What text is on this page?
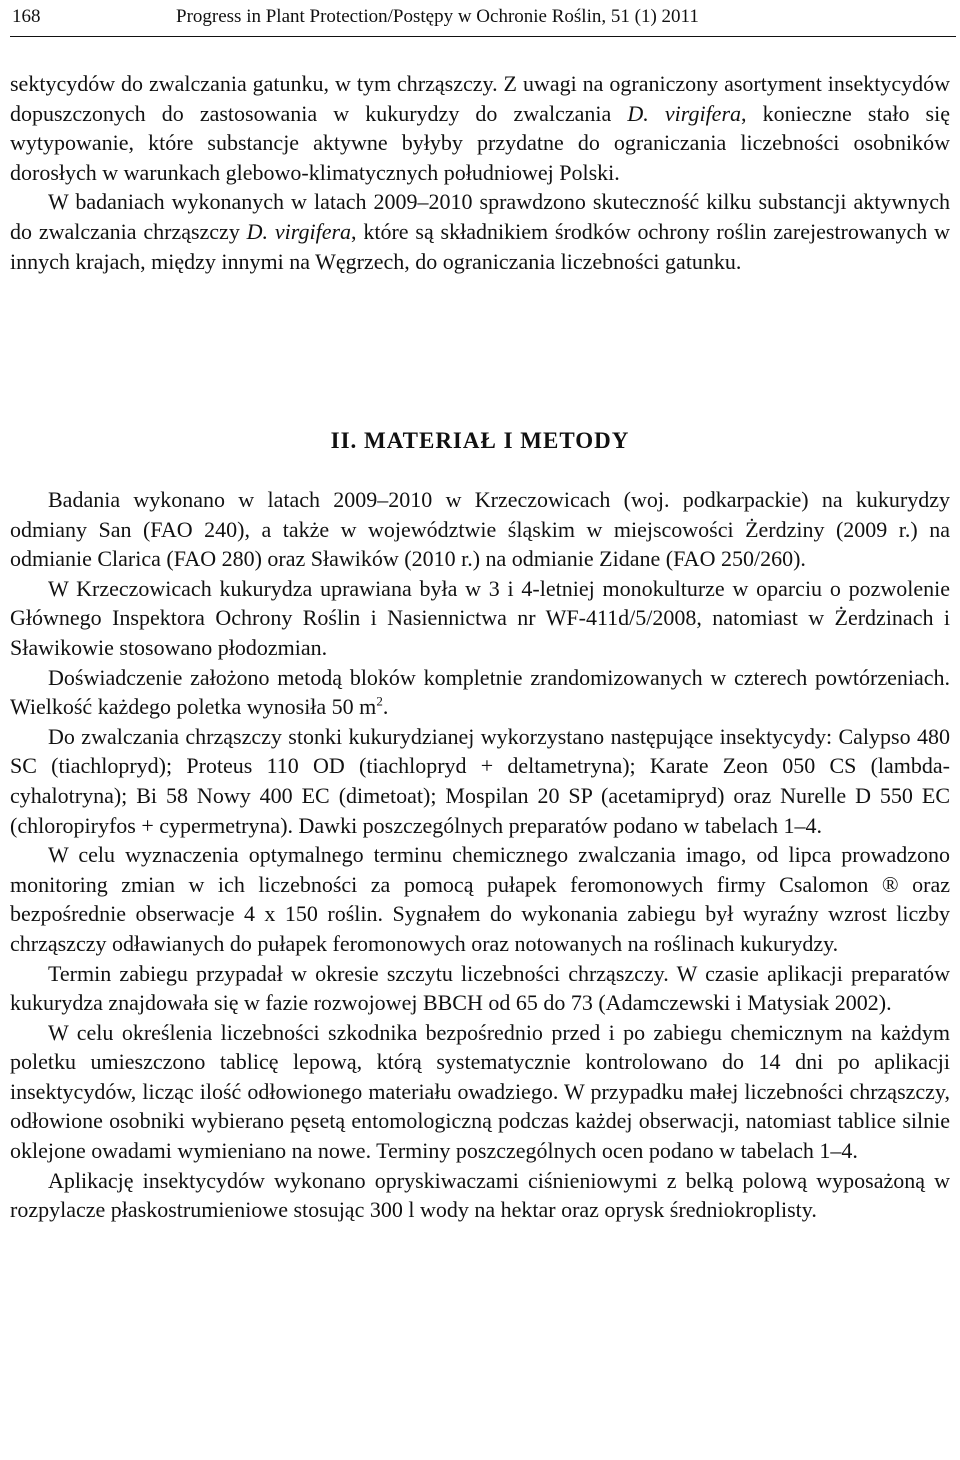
168	Progress in Plant Protection/Postępy w Ochronie Roślin, 51 (1) 2011

sektycydów do zwalczania gatunku, w tym chrząszczy. Z uwagi na ograniczony asortyment insektycydów dopuszczonych do zastosowania w kukurydzy do zwalczania D. virgifera, konieczne stało się wytypowanie, które substancje aktywne byłyby przydatne do ograniczania liczebności osobników dorosłych w warunkach glebowo-klimatycznych południowej Polski.

W badaniach wykonanych w latach 2009–2010 sprawdzono skuteczność kilku substancji aktywnych do zwalczania chrząszczy D. virgifera, które są składnikiem środków ochrony roślin zarejestrowanych w innych krajach, między innymi na Węgrzech, do ograniczania liczebności gatunku.

II. MATERIAŁ I METODY

Badania wykonano w latach 2009–2010 w Krzeczowicach (woj. podkarpackie) na kukurydzy odmiany San (FAO 240), a także w województwie śląskim w miejscowości Żerdziny (2009 r.) na odmianie Clarica (FAO 280) oraz Sławików (2010 r.) na odmianie Zidane (FAO 250/260).

W Krzeczowicach kukurydza uprawiana była w 3 i 4-letniej monokulturze w oparciu o pozwolenie Głównego Inspektora Ochrony Roślin i Nasiennictwa nr WF-411d/5/2008, natomiast w Żerdzinach i Sławikowie stosowano płodozmian.

Doświadczenie założono metodą bloków kompletnie zrandomizowanych w czterech powtórzeniach. Wielkość każdego poletka wynosiła 50 $m^2$.

Do zwalczania chrząszczy stonki kukurydzianej wykorzystano następujące insektycydy: Calypso 480 SC (tiachlopryd); Proteus 110 OD (tiachlopryd + deltametryna); Karate Zeon 050 CS (lambda-cyhalotryna); Bi 58 Nowy 400 EC (dimetoat); Mospilan 20 SP (acetamipryd) oraz Nurelle D 550 EC (chloropiryfos + cypermetryna). Dawki poszczególnych preparatów podano w tabelach 1–4.

W celu wyznaczenia optymalnego terminu chemicznego zwalczania imago, od lipca prowadzono monitoring zmian w ich liczebności za pomocą pułapek feromonowych firmy Csalomon ® oraz bezpośrednie obserwacje 4 x 150 roślin. Sygnałem do wykonania zabiegu był wyraźny wzrost liczby chrząszczy odławianych do pułapek feromonowych oraz notowanych na roślinach kukurydzy.

Termin zabiegu przypadał w okresie szczytu liczebności chrząszczy. W czasie aplikacji preparatów kukurydza znajdowała się w fazie rozwojowej BBCH od 65 do 73 (Adamczewski i Matysiak 2002).

W celu określenia liczebności szkodnika bezpośrednio przed i po zabiegu chemicznym na każdym poletku umieszczono tablicę lepową, którą systematycznie kontrolowano do 14 dni po aplikacji insektycydów, licząc ilość odłowionego materiału owadziego. W przypadku małej liczebności chrząszczy, odłowione osobniki wybierano pęsetą entomologiczną podczas każdej obserwacji, natomiast tablice silnie oklejone owadami wymieniano na nowe. Terminy poszczególnych ocen podano w tabelach 1–4.

Aplikację insektycydów wykonano opryskiwaczami ciśnieniowymi z belką polową wyposażoną w rozpylacze płaskostrumieniowe stosując 300 l wody na hektar oraz oprysk średniokroplisty.
